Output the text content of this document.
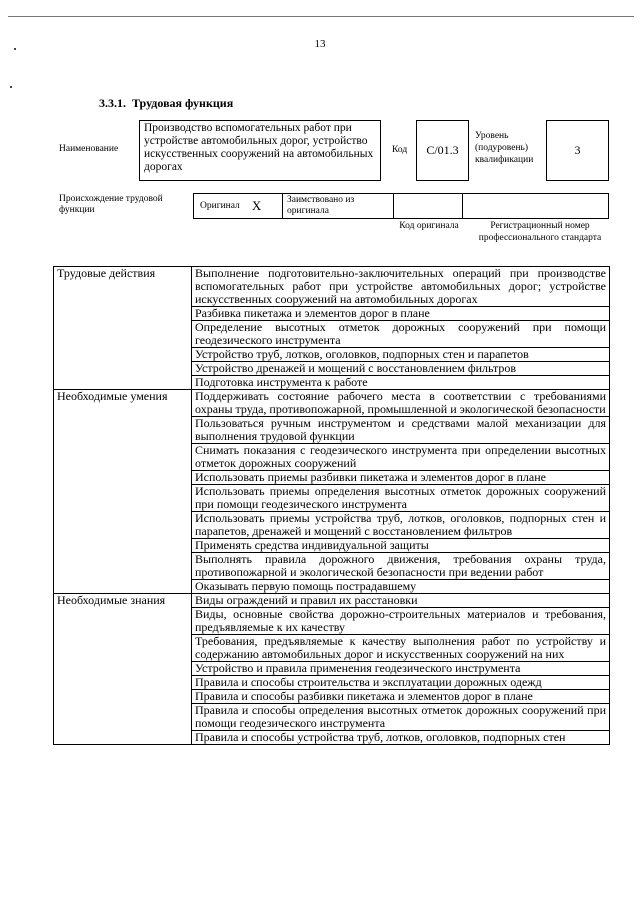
13
3.3.1. Трудовая функция
Наименование
Производство вспомогательных работ при устройстве автомобильных дорог, устройство искусственных сооружений на автомобильных дорогах
Код	C/01.3
Уровень
(подуровень)
квалификации
3
Происхождение трудовой функции	Оригинал X	Заимствовано из оригинала
Код оригинала	Регистрационный номер профессионального стандарта
Трудовые действия	Выполнение подготовительно-заключительных операций при производстве вспомогательных работ при устройстве автомобильных дорог; устройстве искусственных сооружений на автомобильных дорогах
	Разбивка пикетажа и элементов дорог в плане
	Определение высотных отметок дорожных сооружений при помощи геодезического инструмента
	Устройство труб, лотков, оголовков, подпорных стен и парапетов
	Устройство дренажей и мощений с восстановлением фильтров
	Подготовка инструмента к работе
Необходимые умения	Поддерживать состояние рабочего места в соответствии с требованиями охраны труда, противопожарной, промышленной и экологической безопасности
	Пользоваться ручным инструментом и средствами малой механизации для выполнения трудовой функции
	Снимать показания с геодезического инструмента при определении высотных отметок дорожных сооружений
	Использовать приемы разбивки пикетажа и элементов дорог в плане
	Использовать приемы определения высотных отметок дорожных сооружений при помощи геодезического инструмента
	Использовать приемы устройства труб, лотков, оголовков, подпорных стен и парапетов, дренажей и мощений с восстановлением фильтров
	Применять средства индивидуальной защиты
	Выполнять правила дорожного движения, требования охраны труда, противопожарной и экологической безопасности при ведении работ
	Оказывать первую помощь пострадавшему
Необходимые знания	Виды ограждений и правил их расстановки
	Виды, основные свойства дорожно-строительных материалов и требования, предъявляемые к их качеству
	Требования, предъявляемые к качеству выполнения работ по устройству и содержанию автомобильных дорог и искусственных сооружений на них
	Устройство и правила применения геодезического инструмента
	Правила и способы строительства и эксплуатации дорожных одежд
	Правила и способы разбивки пикетажа и элементов дорог в плане
	Правила и способы определения высотных отметок дорожных сооружений при помощи геодезического инструмента
	Правила и способы устройства труб, лотков, оголовков, подпорных стен
